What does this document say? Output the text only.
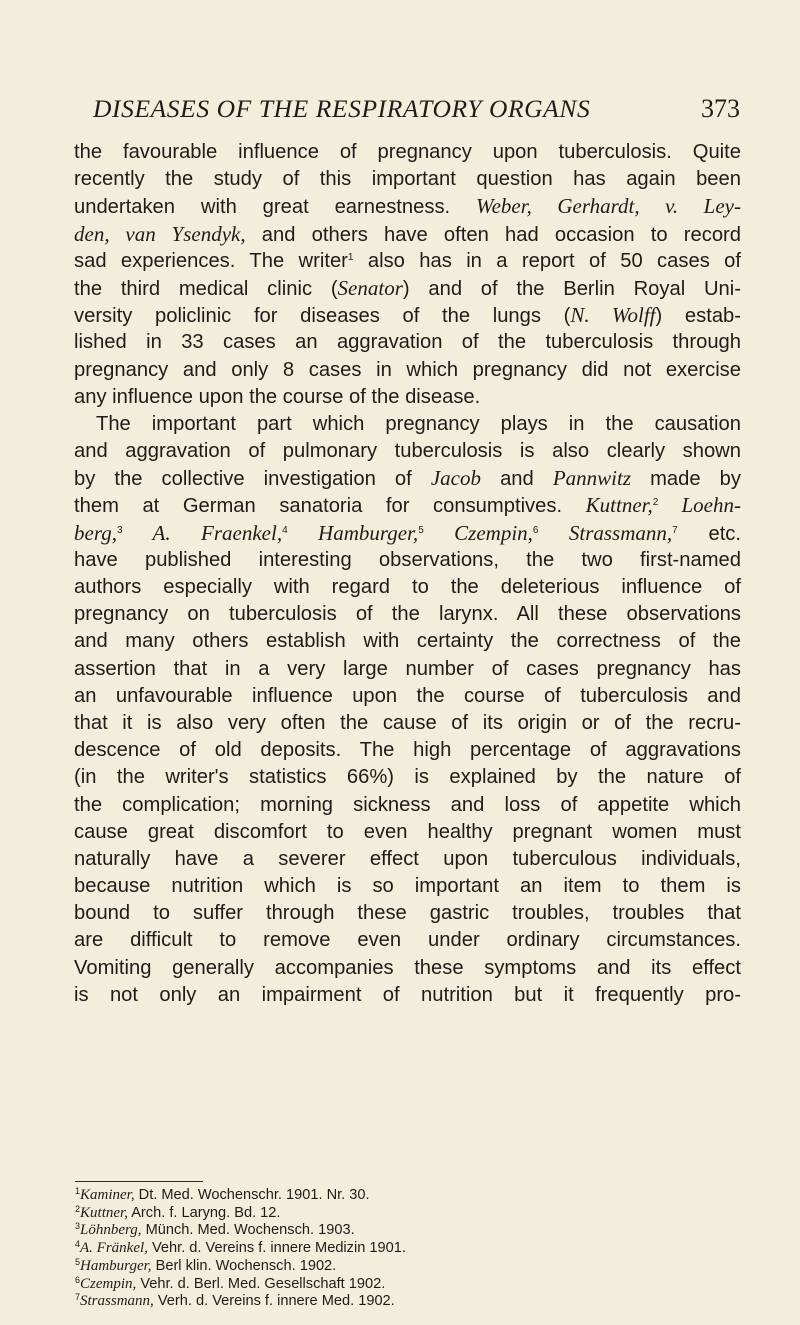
DISEASES OF THE RESPIRATORY ORGANS	373
the favourable influence of pregnancy upon tuberculosis. Quite
recently the study of this important question has again been
undertaken with great earnestness. Weber, Gerhardt, v. Ley-
den, van Ysendyk, and others have often had occasion to record
sad experiences. The writer$^1$ also has in a report of 50 cases of
the third medical clinic (Senator) and of the Berlin Royal Uni-
versity policlinic for diseases of the lungs (N. Wolff) estab-
lished in 33 cases an aggravation of the tuberculosis through
pregnancy and only 8 cases in which pregnancy did not exercise
any influence upon the course of the disease.
The important part which pregnancy plays in the causation
and aggravation of pulmonary tuberculosis is also clearly shown
by the collective investigation of Jacob and Pannwitz made by
them at German sanatoria for consumptives. Kuttner,$^2$ Loehn-
berg,$^3$ A. Fraenkel,$^4$ Hamburger,$^5$ Czempin,$^6$ Strassmann,$^7$ etc.
have published interesting observations, the two first-named
authors especially with regard to the deleterious influence of
pregnancy on tuberculosis of the larynx. All these observations
and many others establish with certainty the correctness of the
assertion that in a very large number of cases pregnancy has
an unfavourable influence upon the course of tuberculosis and
that it is also very often the cause of its origin or of the recru-
descence of old deposits. The high percentage of aggravations
(in the writer's statistics 66%) is explained by the nature of
the complication; morning sickness and loss of appetite which
cause great discomfort to even healthy pregnant women must
naturally have a severer effect upon tuberculous individuals,
because nutrition which is so important an item to them is
bound to suffer through these gastric troubles, troubles that
are difficult to remove even under ordinary circumstances.
Vomiting generally accompanies these symptoms and its effect
is not only an impairment of nutrition but it frequently pro-
$^1$Kaminer, Dt. Med. Wochenschr. 1901. Nr. 30.
$^2$Kuttner, Arch. f. Laryng. Bd. 12.
$^3$Löhnberg, Münch. Med. Wochensch. 1903.
$^4$A. Fränkel, Vehr. d. Vereins f. innere Medizin 1901.
$^5$Hamburger, Berl klin. Wochensch. 1902.
$^6$Czempin, Vehr. d. Berl. Med. Gesellschaft 1902.
$^7$Strassmann, Verh. d. Vereins f. innere Med. 1902.
